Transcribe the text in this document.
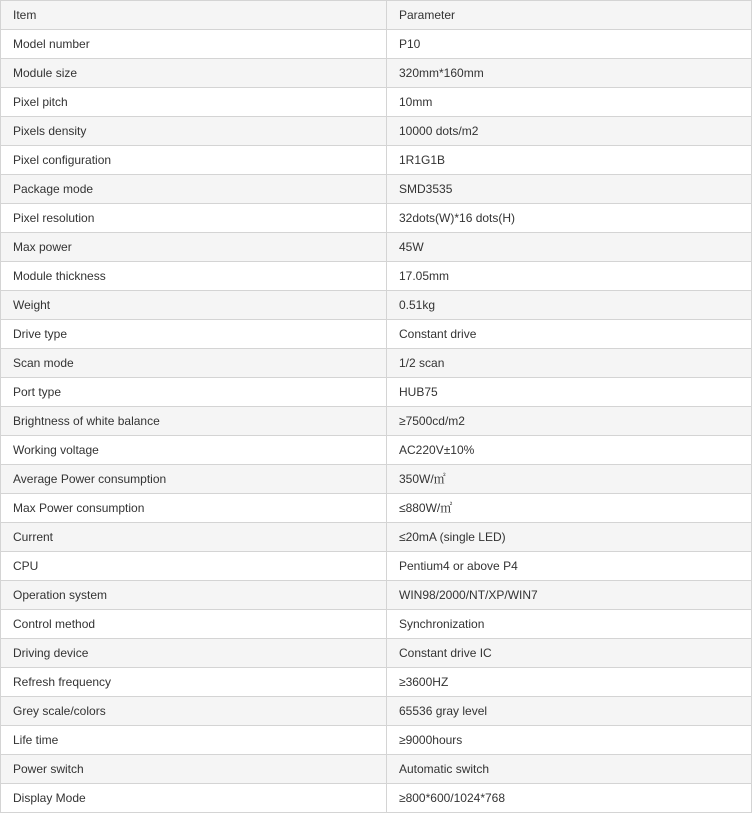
Item	Parameter
Model number	P10
Module size	320mm*160mm
Pixel pitch	10mm
Pixels density	10000 dots/m2
Pixel configuration	1R1G1B
Package mode	SMD3535
Pixel resolution	32dots(W)*16 dots(H)
Max power	45W
Module thickness	17.05mm
Weight	0.51kg
Drive type	Constant drive
Scan mode	1/2 scan
Port type	HUB75
Brightness of white balance	≥7500cd/m2
Working voltage	AC220V±10%
Average Power consumption	350W/㎡
Max Power consumption	≤880W/㎡
Current	≤20mA (single LED)
CPU	Pentium4 or above P4
Operation system	WIN98/2000/NT/XP/WIN7
Control method	Synchronization
Driving device	Constant drive IC
Refresh frequency	≥3600HZ
Grey scale/colors	65536 gray level
Life time	≥9000hours
Power switch	Automatic switch
Display Mode	≥800*600/1024*768
